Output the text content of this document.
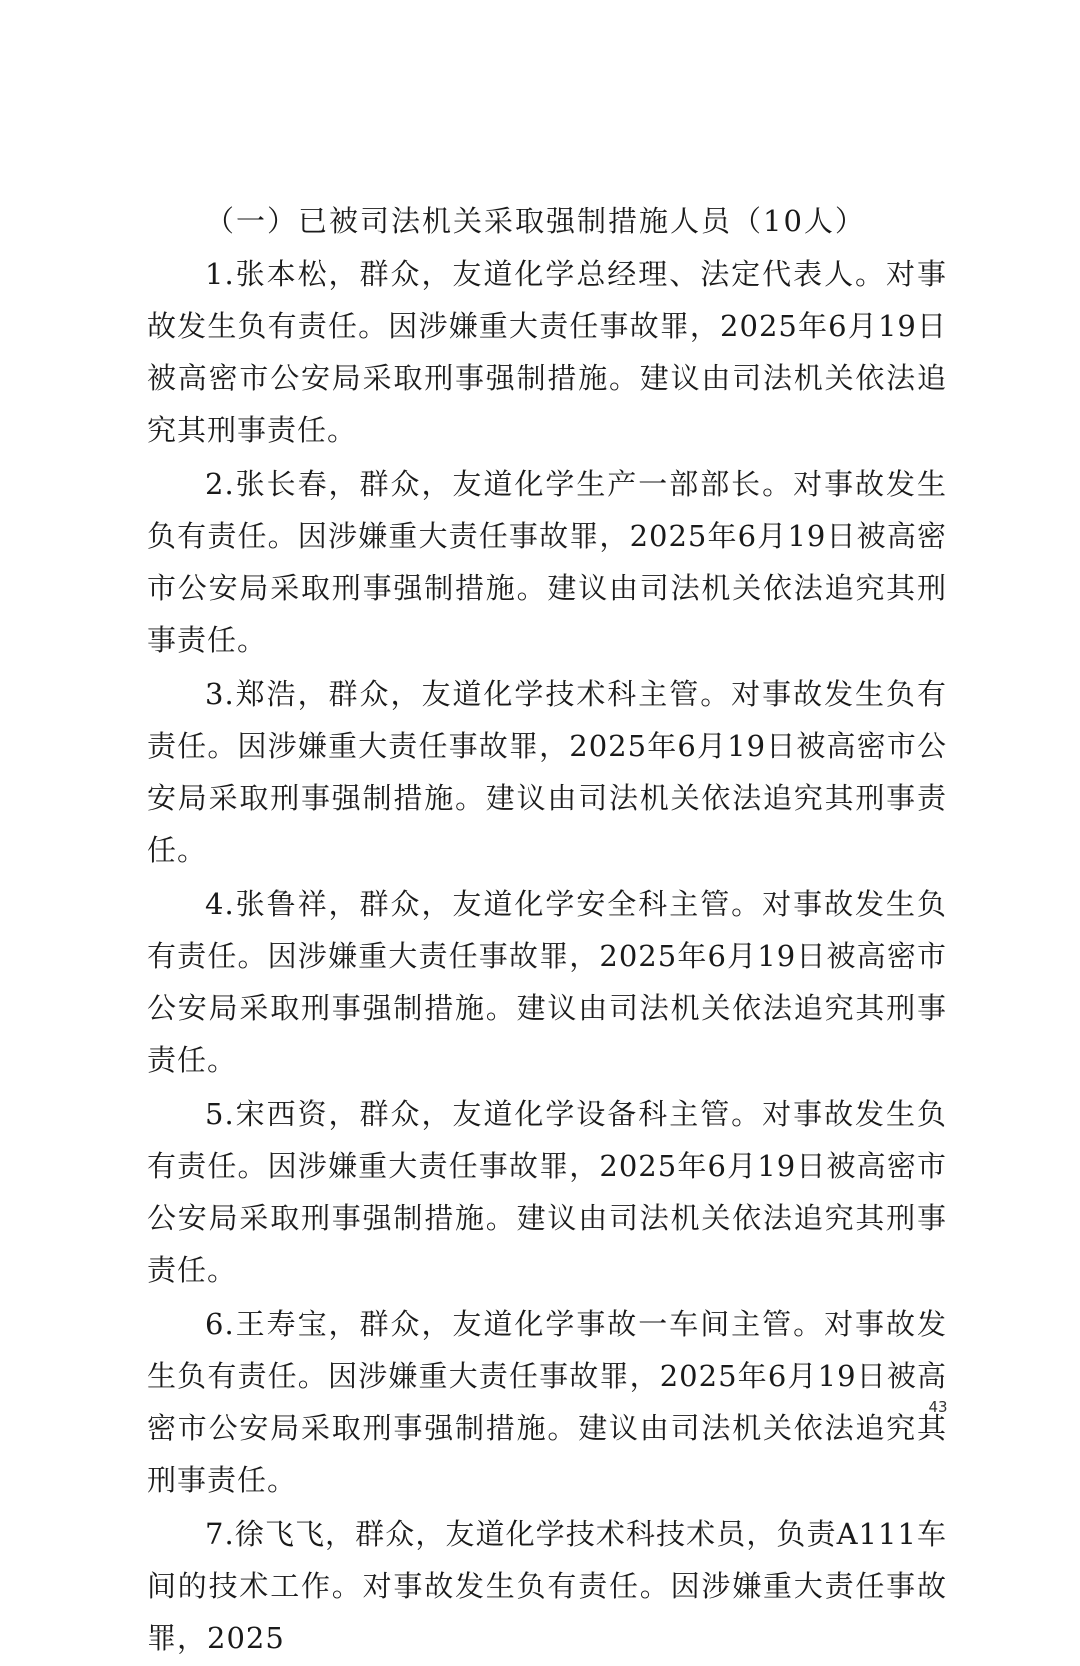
（一）已被司法机关采取强制措施人员（10人）

1.张本松，群众，友道化学总经理、法定代表人。对事故发生负有责任。因涉嫌重大责任事故罪，2025年6月19日被高密市公安局采取刑事强制措施。建议由司法机关依法追究其刑事责任。

2.张长春，群众，友道化学生产一部部长。对事故发生负有责任。因涉嫌重大责任事故罪，2025年6月19日被高密市公安局采取刑事强制措施。建议由司法机关依法追究其刑事责任。

3.郑浩，群众，友道化学技术科主管。对事故发生负有责任。因涉嫌重大责任事故罪，2025年6月19日被高密市公安局采取刑事强制措施。建议由司法机关依法追究其刑事责任。

4.张鲁祥，群众，友道化学安全科主管。对事故发生负有责任。因涉嫌重大责任事故罪，2025年6月19日被高密市公安局采取刑事强制措施。建议由司法机关依法追究其刑事责任。

5.宋西资，群众，友道化学设备科主管。对事故发生负有责任。因涉嫌重大责任事故罪，2025年6月19日被高密市公安局采取刑事强制措施。建议由司法机关依法追究其刑事责任。

6.王寿宝，群众，友道化学事故一车间主管。对事故发生负有责任。因涉嫌重大责任事故罪，2025年6月19日被高密市公安局采取刑事强制措施。建议由司法机关依法追究其刑事责任。

7.徐飞飞，群众，友道化学技术科技术员，负责A111车间的技术工作。对事故发生负有责任。因涉嫌重大责任事故罪，2025

43
